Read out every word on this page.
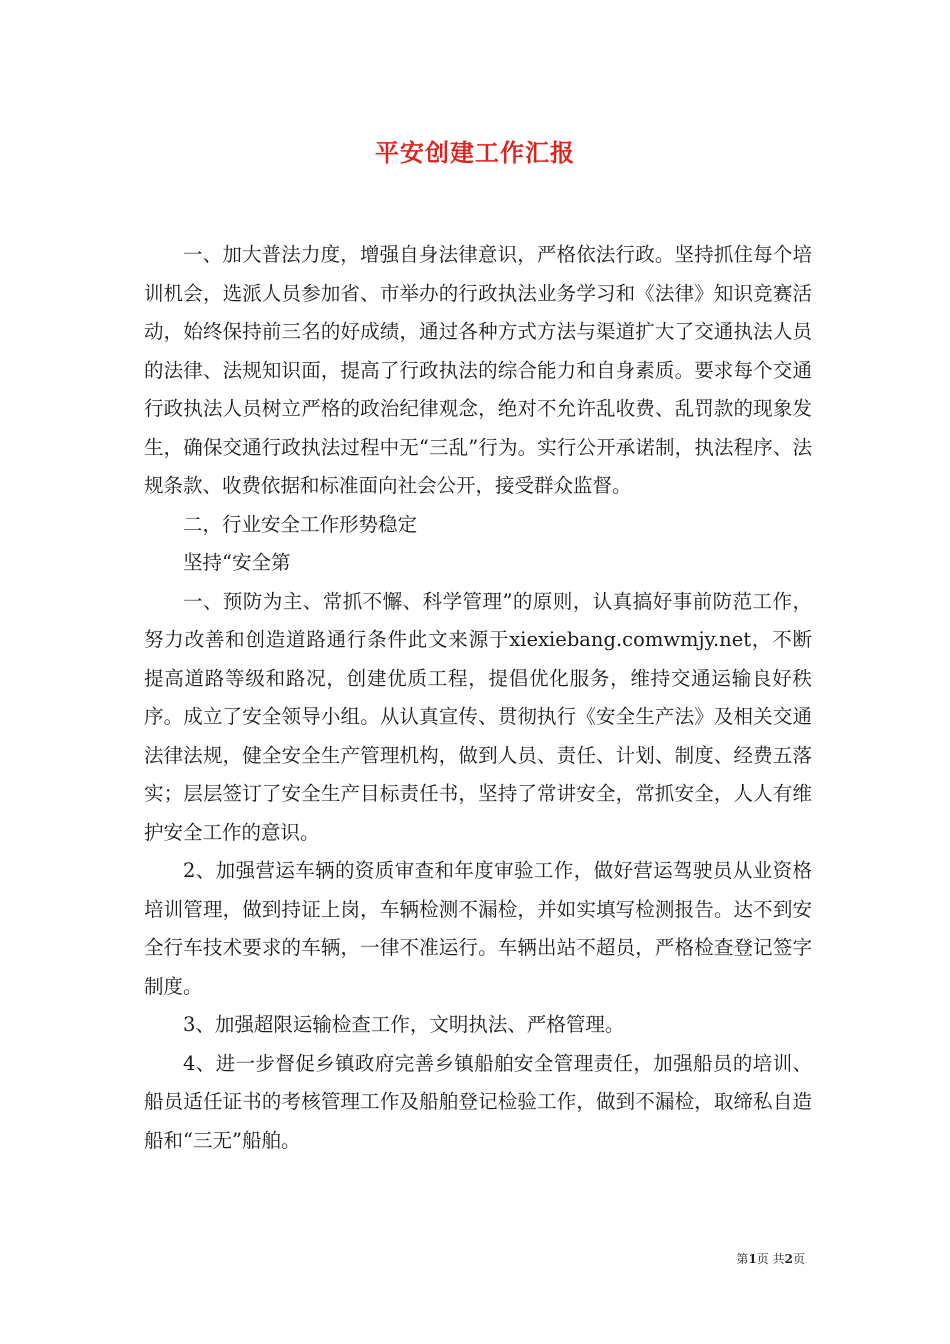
平安创建工作汇报

一、加大普法力度，增强自身法律意识，严格依法行政。坚持抓住每个培训机会，选派人员参加省、市举办的行政执法业务学习和《法律》知识竞赛活动，始终保持前三名的好成绩，通过各种方式方法与渠道扩大了交通执法人员的法律、法规知识面，提高了行政执法的综合能力和自身素质。要求每个交通行政执法人员树立严格的政治纪律观念，绝对不允许乱收费、乱罚款的现象发生，确保交通行政执法过程中无“三乱”行为。实行公开承诺制，执法程序、法规条款、收费依据和标准面向社会公开，接受群众监督。

二，行业安全工作形势稳定

坚持“安全第

一、预防为主、常抓不懈、科学管理”的原则，认真搞好事前防范工作，努力改善和创造道路通行条件此文来源于xiexiebang.comwmjy.net，不断提高道路等级和路况，创建优质工程，提倡优化服务，维持交通运输良好秩序。成立了安全领导小组。从认真宣传、贯彻执行《安全生产法》及相关交通法律法规，健全安全生产管理机构，做到人员、责任、计划、制度、经费五落实；层层签订了安全生产目标责任书，坚持了常讲安全，常抓安全，人人有维护安全工作的意识。

2、加强营运车辆的资质审查和年度审验工作，做好营运驾驶员从业资格培训管理，做到持证上岗，车辆检测不漏检，并如实填写检测报告。达不到安全行车技术要求的车辆，一律不准运行。车辆出站不超员，严格检查登记签字制度。

3、加强超限运输检查工作，文明执法、严格管理。

4、进一步督促乡镇政府完善乡镇船舶安全管理责任，加强船员的培训、船员适任证书的考核管理工作及船舶登记检验工作，做到不漏检，取缔私自造船和“三无”船舶。

第1页 共2页
